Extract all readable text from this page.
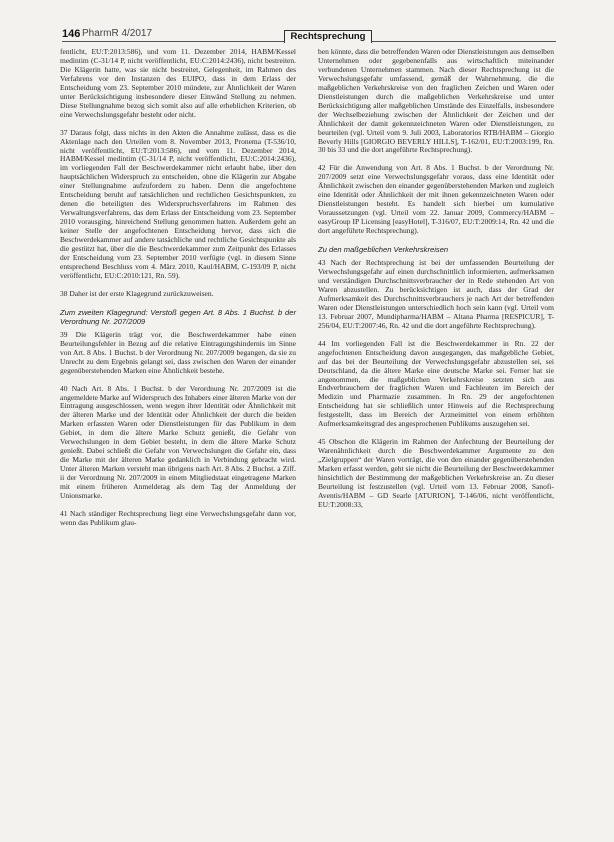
146 PharmR 4/2017	Rechtsprechung

fentlicht, EU:T:2013:586), und vom 11. Dezember 2014, HABM/Kessel medintim (C-31/14 P, nicht veröffentlicht, EU:C:2014:2436), nicht bestreiten. Die Klägerin hatte, was sie nicht bestreitet, Gelegenheit, im Rahmen des Verfahrens vor den Instanzen des EUIPO, dass in dem Erlass der Entscheidung vom 23. September 2010 mündete, zur Ähnlichkeit der Waren unter Berücksichtigung insbesondere dieser Einwänd Stellung zu nehmen. Diese Stellungnahme bezog sich somit also auf alle erheblichen Kriterien, ob eine Verwechslungsgefahr besteht oder nicht.

37 Daraus folgt, dass nichts in den Akten die Annahme zulässt, dass es die Aktenlage nach den Urteilen vom 8. November 2013, Pronema (T-536/10, nicht veröffentlicht, EU:T:2013:586), und vom 11. Dezember 2014, HABM/Kessel medintim (C-31/14 P, nicht veröffentlicht, EU:C:2014:2436), im vorliegenden Fall der Beschwerdekammer nicht erlaubt habe, über den hauptsächlichen Widerspruch zu entscheiden, ohne die Klägerin zur Abgabe einer Stellungnahme aufzufordern zu haben. Denn die angefochtene Entscheidung beruht auf tatsächlichen und rechtlichen Gesichtspunkten, zu denen die beteiligten des Widerspruchsverfahrens im Rahmen des Verwaltungsverfahrens, das dem Erlass der Entscheidung vom 23. September 2010 vorausging, hinreichend Stellung genommen hatten. Außerdem geht an keiner Stelle der angefochtenen Entscheidung hervor, dass sich die Beschwerdekammer auf andere tatsächliche und rechtliche Gesichtspunkte als die gestützt hat, über die die Beschwerdekammer zum Zeitpunkt des Erlasses der Entscheidung vom 23. September 2010 verfügte (vgl. in diesem Sinne entsprechend Beschluss vom 4. März 2010, Kaul/HABM, C-193/09 P, nicht veröffentlicht, EU:C:2010:121, Rn. 59).

38 Daher ist der erste Klagegrund zurückzuweisen.

Zum zweiten Klagegrund: Verstoß gegen Art. 8 Abs. 1 Buchst. b der Verordnung Nr. 207/2009

39 Die Klägerin trägt vor, die Beschwerdekammer habe einen Beurteilungsfehler in Bezug auf die relative Eintragungshindernis im Sinne von Art. 8 Abs. 1 Buchst. b der Verordnung Nr. 207/2009 begangen, da sie zu Unrecht zu dem Ergebnis gelangt sei, dass zwischen den Waren der einander gegenüberstehenden Marken eine Ähnlichkeit bestehe.

40 Nach Art. 8 Abs. 1 Buchst. b der Verordnung Nr. 207/2009 ist die angemeldete Marke auf Widerspruch des Inhabers einer älteren Marke von der Eintragung ausgeschlossen, wenn wegen ihrer Identität oder Ähnlichkeit mit der älteren Marke und der Identität oder Ähnlichkeit der durch die beiden Marken erfassten Waren oder Dienstleistungen für das Publikum in dem Gebiet, in dem die ältere Marke Schutz genießt, die Gefahr von Verwechslungen in dem Gebiet besteht, in dem die ältere Marke Schutz genießt. Dabei schließt die Gefahr von Verwechslungen die Gefahr ein, dass die Marke mit der älteren Marke gedanklich in Verbindung gebracht wird. Unter älteren Marken versteht man übrigens nach Art. 8 Abs. 2 Buchst. a Ziff. ii der Verordnung Nr. 207/2009 in einem Mitgliedstaat eingetragene Marken mit einem früheren Anmeldetag als dem Tag der Anmeldung der Unionsmarke.

41 Nach ständiger Rechtsprechung liegt eine Verwechslungsgefahr dann vor, wenn das Publikum glau-

ben könnte, dass die betreffenden Waren oder Dienstleistungen aus demselben Unternehmen oder gegebenenfalls aus wirtschaftlich miteinander verbundenen Unternehmen stammen. Nach dieser Rechtsprechung ist die Verwechslungsgefahr umfassend, gemäß der Wahrnehmung, die die maßgeblichen Verkehrskreise von den fraglichen Zeichen und Waren oder Dienstleistungen durch die maßgeblichen Verkehrskreise und unter Berücksichtigung aller maßgeblichen Umstände des Einzelfalls, insbesondere der Wechselbeziehung zwischen der Ähnlichkeit der Zeichen und der Ähnlichkeit der damit gekennzeichneten Waren oder Dienstleistungen, zu beurteilen (vgl. Urteil vom 9. Juli 2003, Laboratorios RTB/HABM – Giorgio Beverly Hills [GIORGIO BEVERLY HILLS], T-162/01, EU:T:2003:199, Rn. 30 bis 33 und die dort angeführte Rechtsprechung).

42 Für die Anwendung von Art. 8 Abs. 1 Buchst. b der Verordnung Nr. 207/2009 setzt eine Verwechslungsgefahr voraus, dass eine Identität oder Ähnlichkeit zwischen den einander gegenüberstehenden Marken und zugleich eine Identität oder Ähnlichkeit der mit ihnen gekennzeichneten Waren oder Dienstleistungen besteht. Es handelt sich hierbei um kumulative Voraussetzungen (vgl. Urteil vom 22. Januar 2009, Commercy/HABM – easyGroup IP Licensing [easyHotel], T-316/07, EU:T:2009:14, Rn. 42 und die dort angeführte Rechtsprechung).

Zu den maßgeblichen Verkehrskreisen

43 Nach der Rechtsprechung ist bei der umfassenden Beurteilung der Verwechslungsgefahr auf einen durchschnittlich informierten, aufmerksamen und verständigen Durchschnittsverbraucher der in Rede stehenden Art von Waren abzustellen. Zu berücksichtigen ist auch, dass der Grad der Aufmerksamkeit des Durchschnittsverbrauchers je nach Art der betreffenden Waren oder Dienstleistungen unterschiedlich hoch sein kann (vgl. Urteil vom 13. Februar 2007, Mundipharma/HABM – Altana Pharma [RESPICUR], T-256/04, EU:T:2007:46, Rn. 42 und die dort angeführte Rechtsprechung).

44 Im vorliegenden Fall ist die Beschwerdekammer in Rn. 22 der angefochtenen Entscheidung davon ausgegangen, das maßgebliche Gebiet, auf das bei der Beurteilung der Verwechslungsgefahr abzustellen sei, sei Deutschland, da die ältere Marke eine deutsche Marke sei. Ferner hat sie angenommen, die maßgeblichen Verkehrskreise setzten sich aus Endverbrauchern der fraglichen Waren und Fachleuten im Bereich der Medizin und Pharmazie zusammen. In Rn. 29 der angefochtenen Entscheidung hat sie schließlich unter Hinweis auf die Rechtsprechung festgestellt, dass im Bereich der Arzneimittel von einem erhöhten Aufmerksamkeitsgrad des angesprochenen Publikums auszugehen sei.

45 Obschon die Klägerin im Rahmen der Anfechtung der Beurteilung der Warenähnlichkeit durch die Beschwerdekammer Argumente zu den „Zielgruppen“ der Waren vorträgt, die von den einander gegenüberstehenden Marken erfasst werden, geht sie nicht die Beurteilung der Beschwerdekammer hinsichtlich der Bestimmung der maßgeblichen Verkehrskreise an. Zu dieser Beurteilung ist festzustellen (vgl. Urteil vom 13. Februar 2008, Sanofi-Aventis/HABM – GD Searle [ATURION], T-146/06, nicht veröffentlicht, EU:T:2008:33,
